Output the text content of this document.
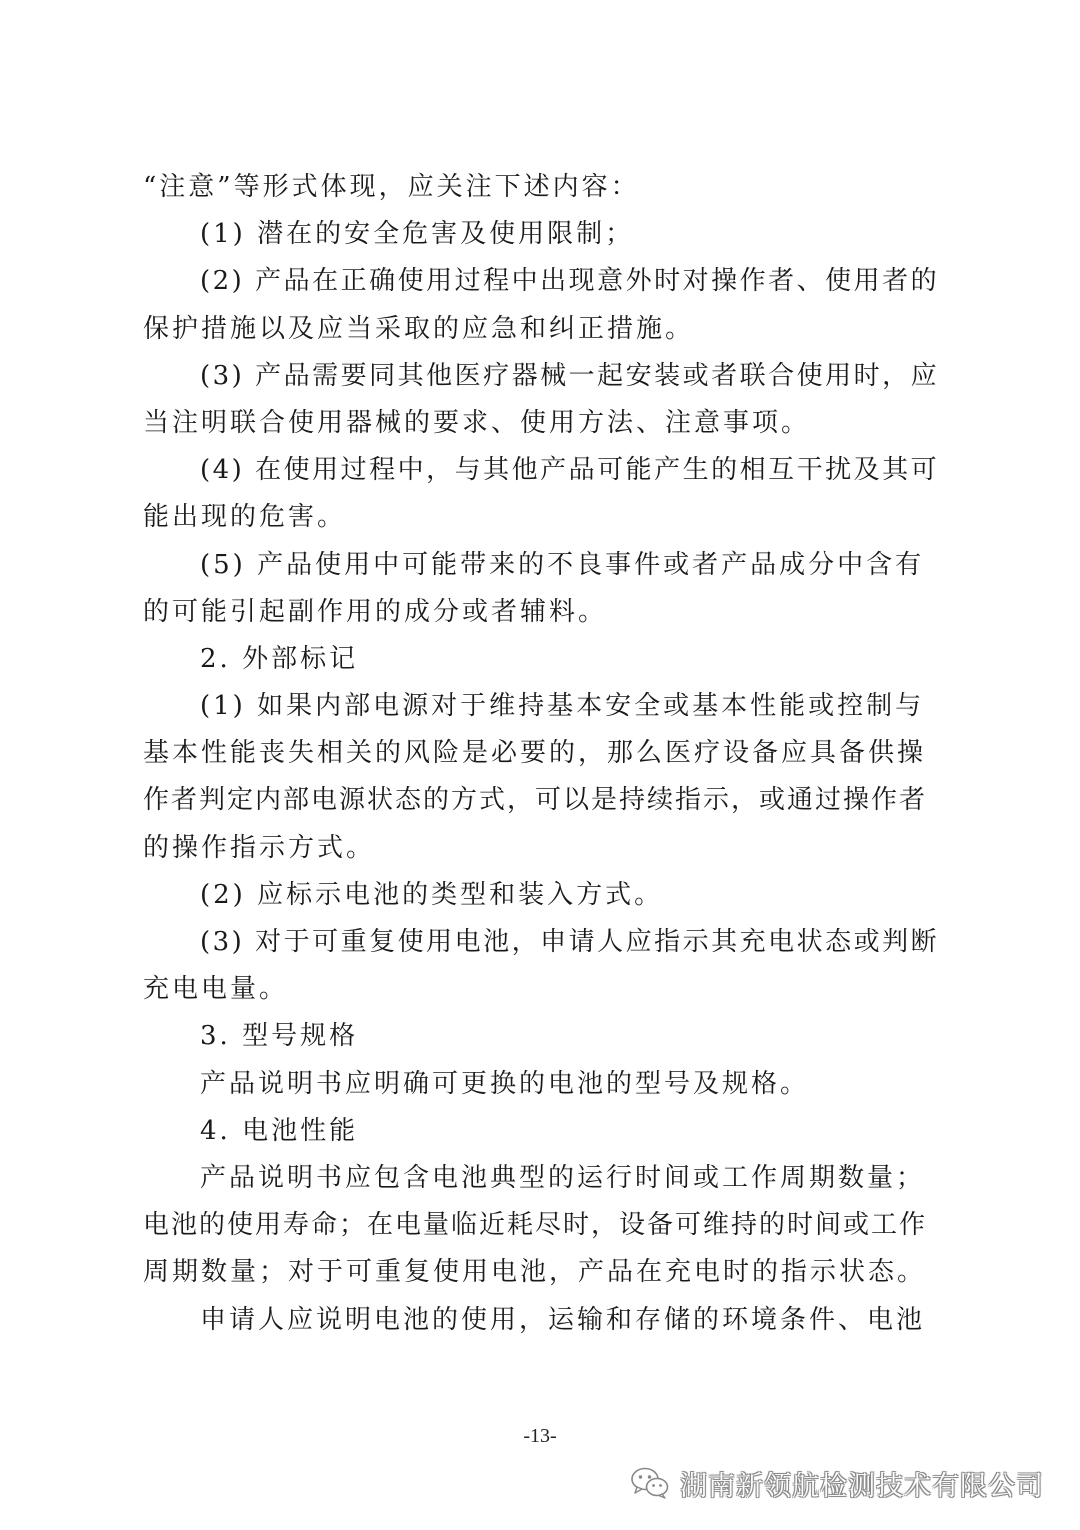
“注意”等形式体现，应关注下述内容：
(1) 潜在的安全危害及使用限制；
(2) 产品在正确使用过程中出现意外时对操作者、使用者的
保护措施以及应当采取的应急和纠正措施。
(3) 产品需要同其他医疗器械一起安装或者联合使用时，应
当注明联合使用器械的要求、使用方法、注意事项。
(4) 在使用过程中，与其他产品可能产生的相互干扰及其可
能出现的危害。
(5) 产品使用中可能带来的不良事件或者产品成分中含有
的可能引起副作用的成分或者辅料。
2. 外部标记
(1) 如果内部电源对于维持基本安全或基本性能或控制与
基本性能丧失相关的风险是必要的，那么医疗设备应具备供操
作者判定内部电源状态的方式，可以是持续指示，或通过操作者
的操作指示方式。
(2) 应标示电池的类型和装入方式。
(3) 对于可重复使用电池，申请人应指示其充电状态或判断
充电电量。
3. 型号规格
产品说明书应明确可更换的电池的型号及规格。
4. 电池性能
产品说明书应包含电池典型的运行时间或工作周期数量；
电池的使用寿命；在电量临近耗尽时，设备可维持的时间或工作
周期数量；对于可重复使用电池，产品在充电时的指示状态。
申请人应说明电池的使用，运输和存储的环境条件、电池
-13-
湖南新领航检测技术有限公司
